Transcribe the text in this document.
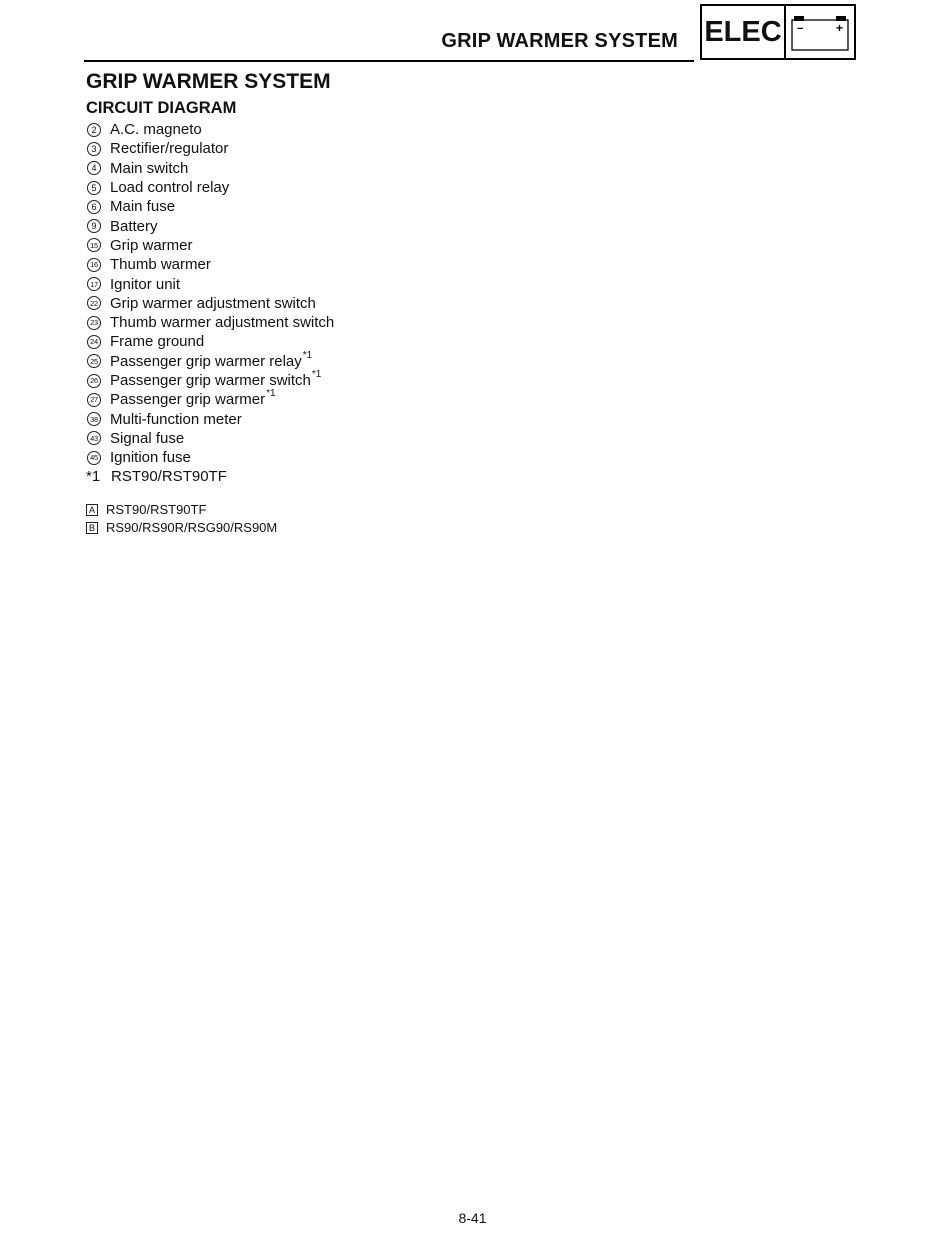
GRIP WARMER SYSTEM ELEC	−	+
GRIP WARMER SYSTEM
CIRCUIT DIAGRAM
2 A.C. magneto
3 Rectifier/regulator
4 Main switch
5 Load control relay
6 Main fuse
9 Battery
15 Grip warmer
16 Thumb warmer
17 Ignitor unit
22 Grip warmer adjustment switch
23 Thumb warmer adjustment switch
24 Frame ground
25 Passenger grip warmer relay *1
26 Passenger grip warmer switch *1
27 Passenger grip warmer *1
38 Multi-function meter
43 Signal fuse
45 Ignition fuse
*1 RST90/RST90TF
A RST90/RST90TF
B RS90/RS90R/RSG90/RS90M
8-41
